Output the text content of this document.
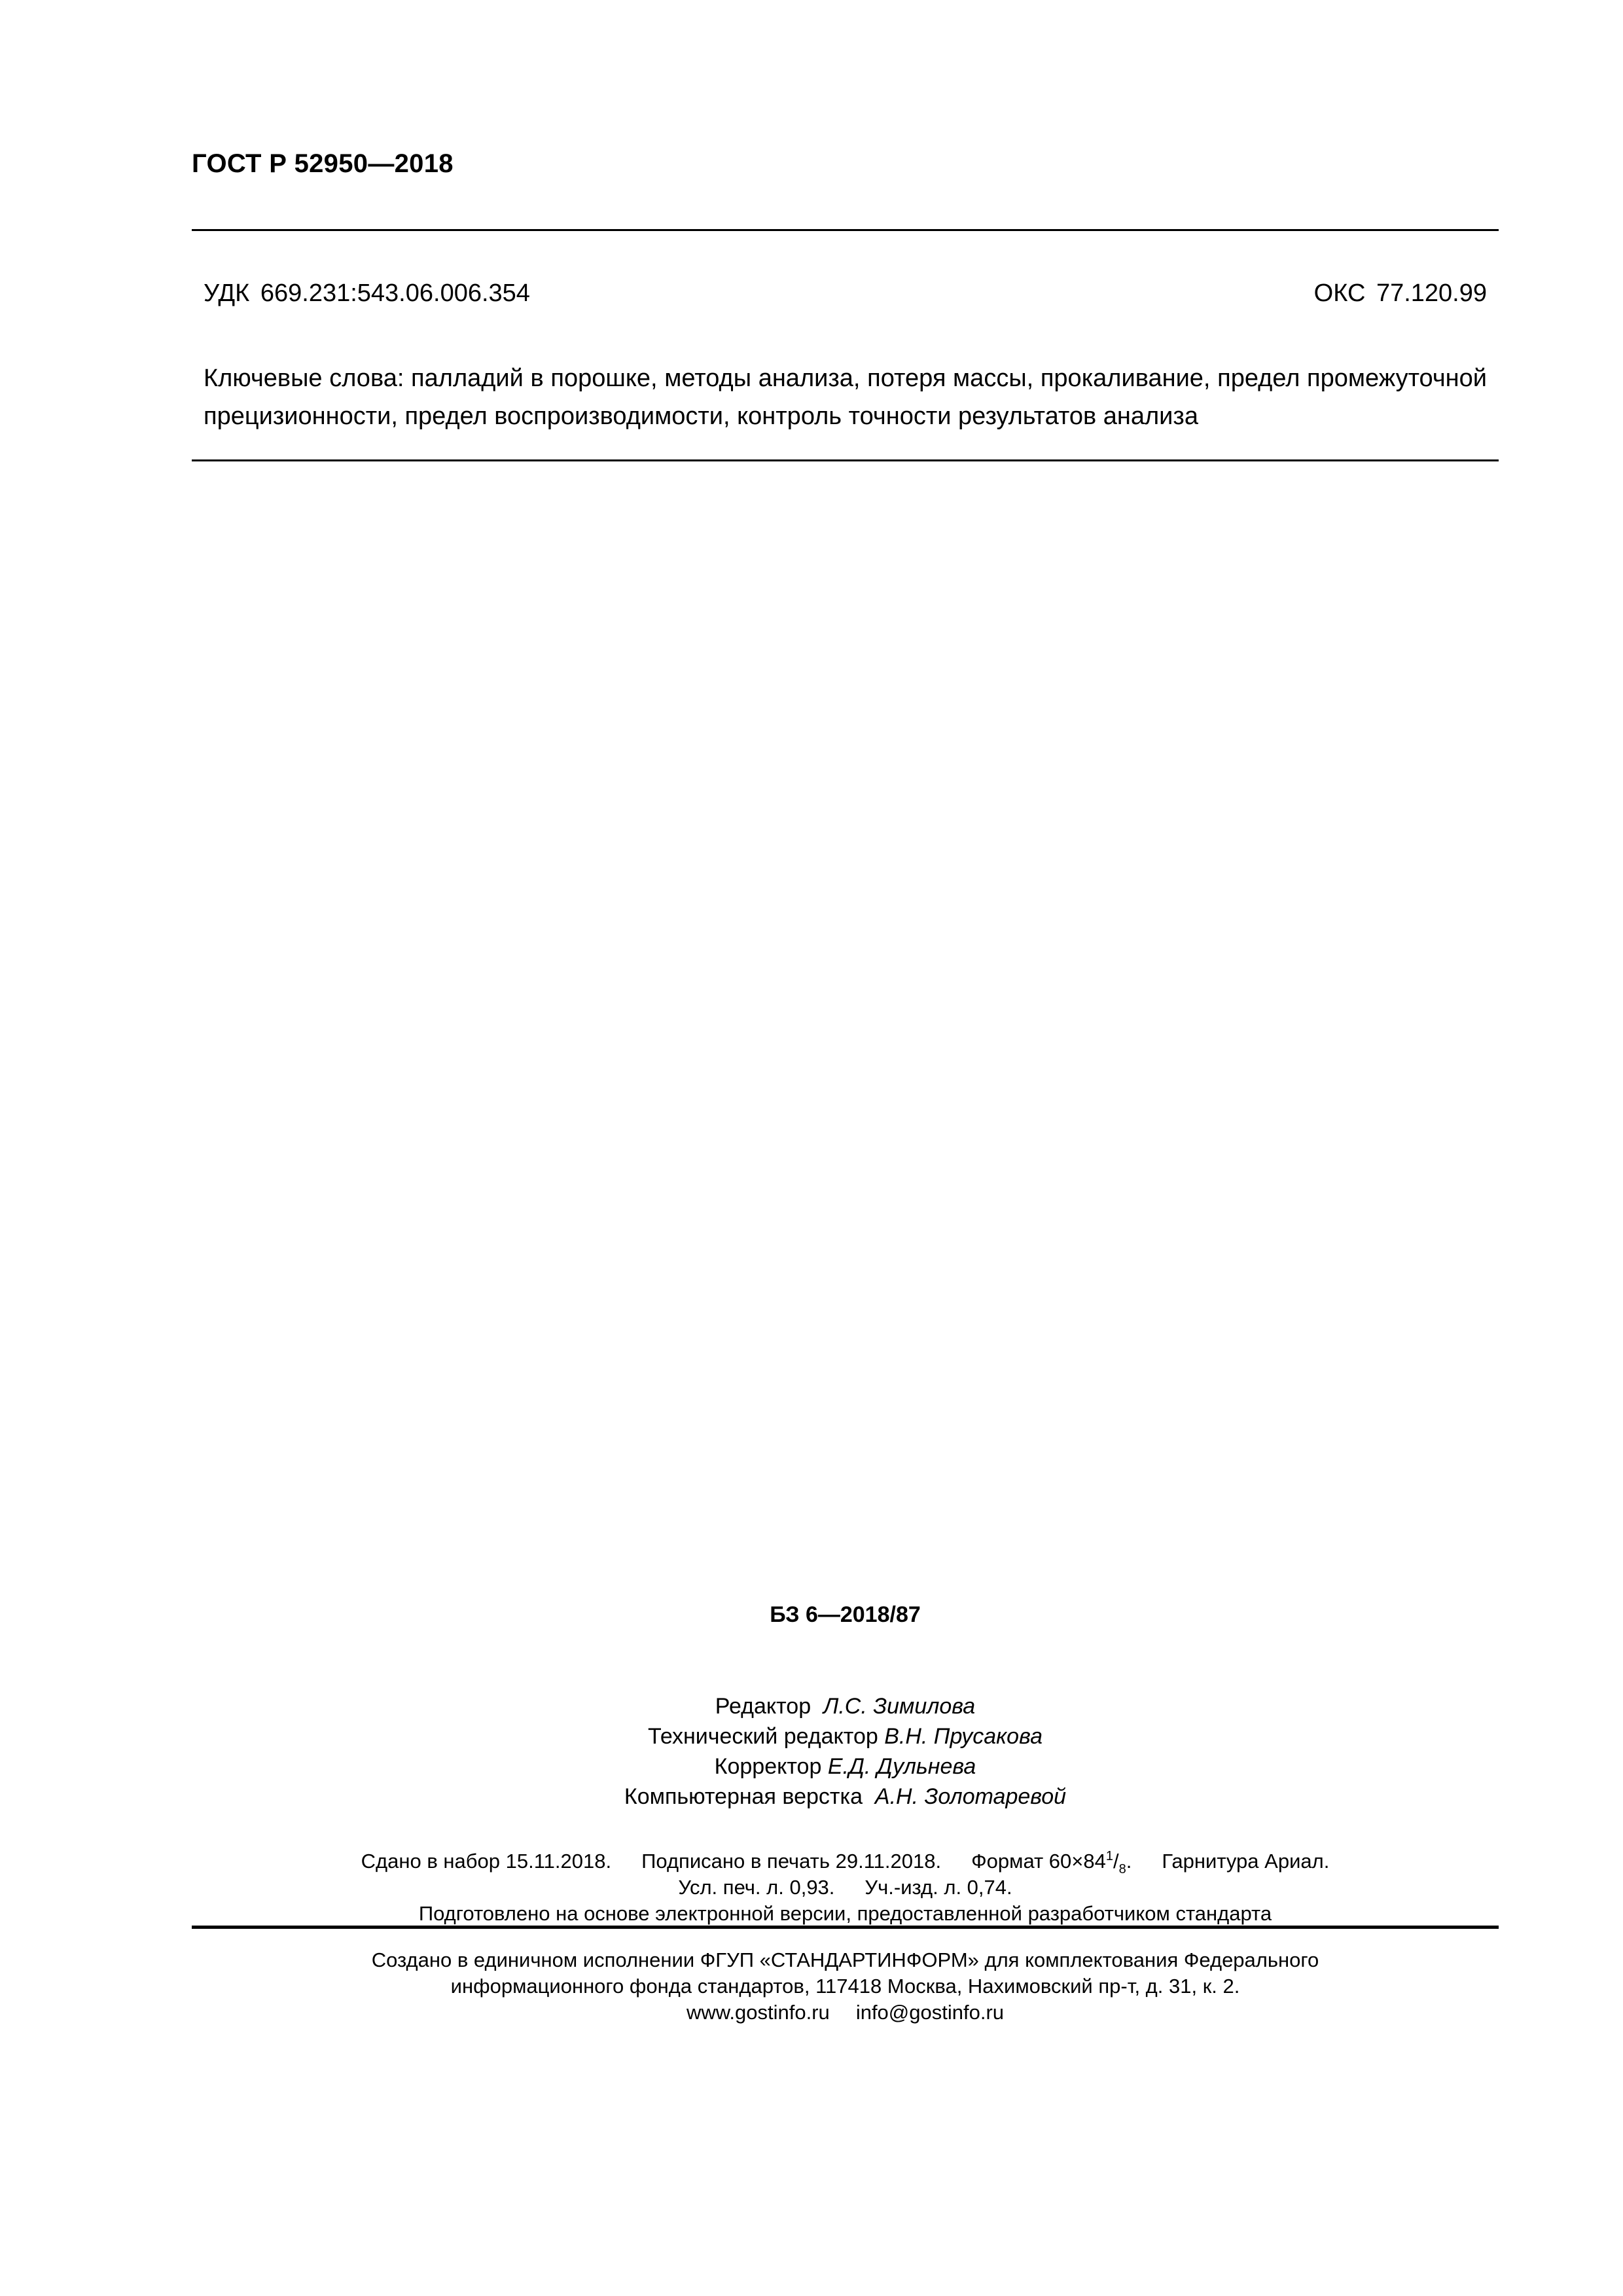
ГОСТ Р 52950—2018
УДК 669.231:543.06.006.354	ОКС 77.120.99
Ключевые слова: палладий в порошке, методы анализа, потеря массы, прокаливание, предел промежуточной прецизионности, предел воспроизводимости, контроль точности результатов анализа
БЗ 6—2018/87
Редактор Л.С. Зимилова
Технический редактор В.Н. Прусакова
Корректор Е.Д. Дульнева
Компьютерная верстка А.Н. Золотаревой
Сдано в набор 15.11.2018. Подписано в печать 29.11.2018. Формат $60\times 84^1/_8$. Гарнитура Ариал.
Усл. печ. л. 0,93. Уч.-изд. л. 0,74.
Подготовлено на основе электронной версии, предоставленной разработчиком стандарта
Создано в единичном исполнении ФГУП «СТАНДАРТИНФОРМ» для комплектования Федерального
информационного фонда стандартов, 117418 Москва, Нахимовский пр-т, д. 31, к. 2.
www.gostinfo.ru info@gostinfo.ru
